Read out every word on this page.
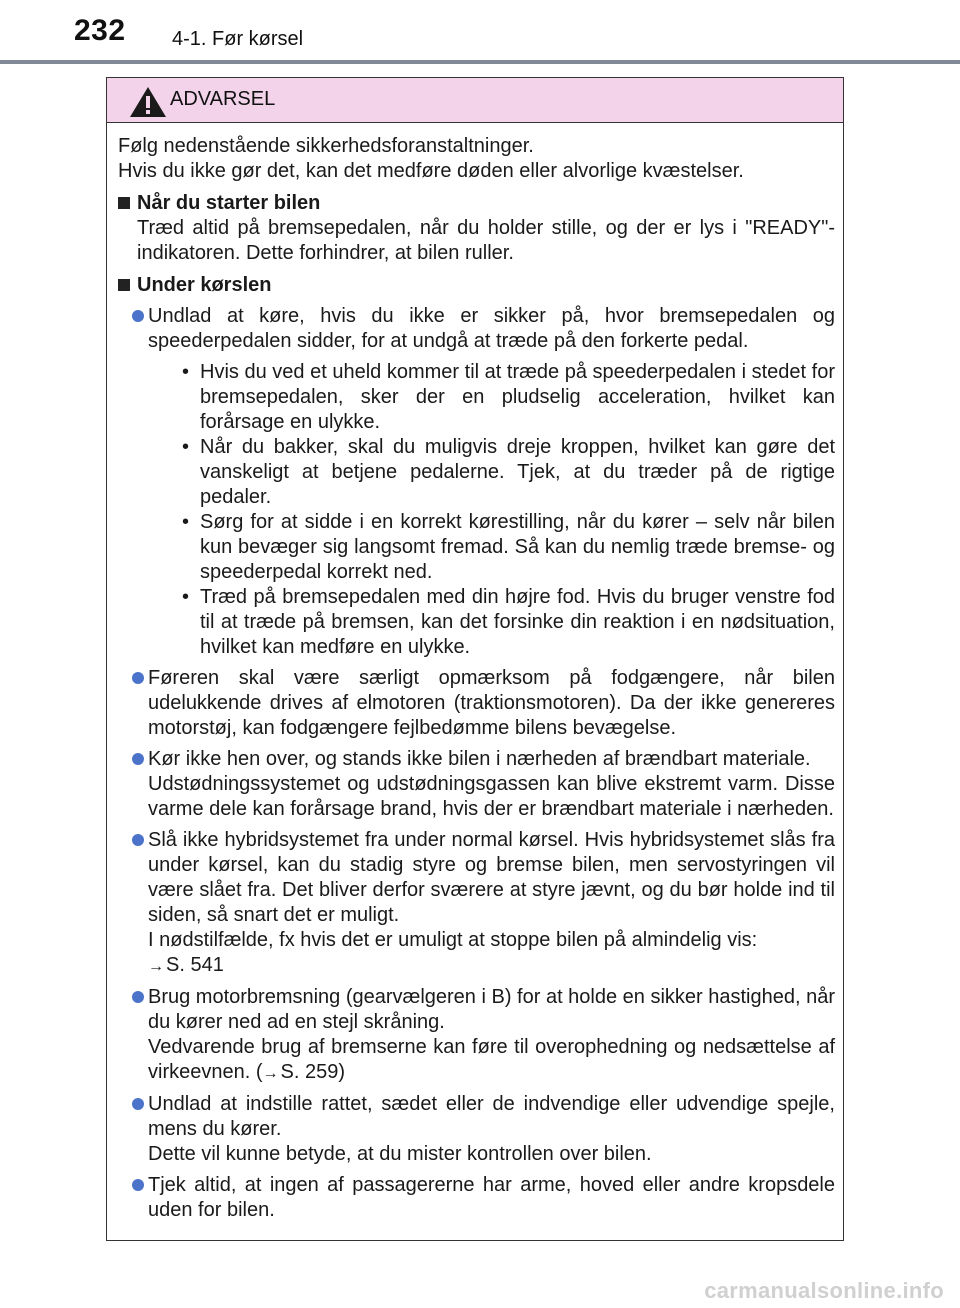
232 4-1. Før kørsel
ADVARSEL

Følg nedenstående sikkerhedsforanstaltninger.

Hvis du ikke gør det, kan det medføre døden eller alvorlige kvæstelser.

Når du starter bilen
Træd altid på bremsepedalen, når du holder stille, og der er lys i "READY"-indikatoren. Dette forhindrer, at bilen ruller.
Under kørslen

Undlad at køre, hvis du ikke er sikker på, hvor bremsepedalen og speederpedalen sidder, for at undgå at træde på den forkerte pedal.

• Hvis du ved et uheld kommer til at træde på speederpedalen i stedet for bremsepedalen, sker der en pludselig acceleration, hvilket kan forårsage en ulykke.
• Når du bakker, skal du muligvis dreje kroppen, hvilket kan gøre det vanskeligt at betjene pedalerne. Tjek, at du træder på de rigtige pedaler.
• Sørg for at sidde i en korrekt kørestilling, når du kører – selv når bilen kun bevæger sig langsomt fremad. Så kan du nemlig træde bremse- og speederpedal korrekt ned.
• Træd på bremsepedalen med din højre fod. Hvis du bruger venstre fod til at træde på bremsen, kan det forsinke din reaktion i en nødsituation, hvilket kan medføre en ulykke.

Føreren skal være særligt opmærksom på fodgængere, når bilen udelukkende drives af elmotoren (traktionsmotoren). Da der ikke genereres motorstøj, kan fodgængere fejlbedømme bilens bevægelse.

Kør ikke hen over, og stands ikke bilen i nærheden af brændbart materiale.

Udstødningssystemet og udstødningsgassen kan blive ekstremt varm. Disse varme dele kan forårsage brand, hvis der er brændbart materiale i nærheden.

Slå ikke hybridsystemet fra under normal kørsel. Hvis hybridsystemet slås fra under kørsel, kan du stadig styre og bremse bilen, men servostyringen vil være slået fra. Det bliver derfor sværere at styre jævnt, og du bør holde ind til siden, så snart det er muligt.

I nødstilfælde, fx hvis det er umuligt at stoppe bilen på almindelig vis:

→ S. 541

Brug motorbremsning (gearvælgeren i B) for at holde en sikker hastighed, når du kører ned ad en stejl skråning.

Vedvarende brug af bremserne kan føre til overophedning og nedsættelse af virkeevnen. (→ S. 259)

Undlad at indstille rattet, sædet eller de indvendige eller udvendige spejle, mens du kører.

Dette vil kunne betyde, at du mister kontrollen over bilen.

Tjek altid, at ingen af passagererne har arme, hoved eller andre kropsdele uden for bilen.

carmanualsonline.info
